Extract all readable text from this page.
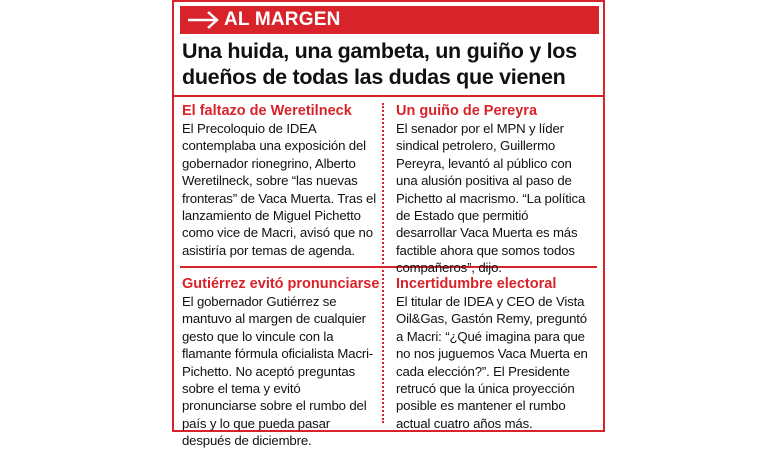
AL MARGEN
Una huida, una gambeta, un guiño y los dueños de todas las dudas que vienen
El faltazo de Weretilneck

El Precoloquio de IDEA contemplaba una exposición del gobernador rionegrino, Alberto Weretilneck, sobre “las nuevas fronteras” de Vaca Muerta. Tras el lanzamiento de Miguel Pichetto como vice de Macri, avisó que no asistiría por temas de agenda.

Un guiño de Pereyra

El senador por el MPN y líder sindical petrolero, Guillermo Pereyra, levantó al público con una alusión positiva al paso de Pichetto al macrismo. “La política de Estado que permitió desarrollar Vaca Muerta es más factible ahora que somos todos compañeros”, dijo.

Gutiérrez evitó pronunciarse

El gobernador Gutiérrez se mantuvo al margen de cualquier gesto que lo vincule con la flamante fórmula oficialista Macri-Pichetto. No aceptó preguntas sobre el tema y evitó pronunciarse sobre el rumbo del país y lo que pueda pasar después de diciembre.

Incertidumbre electoral

El titular de IDEA y CEO de Vista Oil&Gas, Gastón Remy, preguntó a Macri: “¿Qué imagina para que no nos juguemos Vaca Muerta en cada elección?”. El Presidente retrucó que la única proyección posible es mantener el rumbo actual cuatro años más.
